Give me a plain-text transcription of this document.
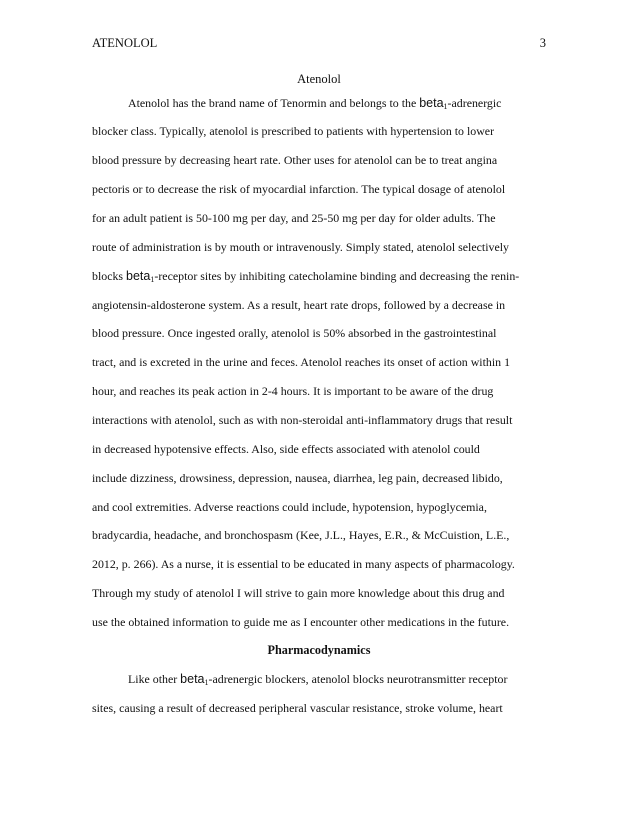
ATENOLOL	3
Atenolol
Atenolol has the brand name of Tenormin and belongs to the beta$_1$-adrenergic
blocker class. Typically, atenolol is prescribed to patients with hypertension to lower
blood pressure by decreasing heart rate. Other uses for atenolol can be to treat angina
pectoris or to decrease the risk of myocardial infarction. The typical dosage of atenolol
for an adult patient is 50-100 mg per day, and 25-50 mg per day for older adults. The
route of administration is by mouth or intravenously. Simply stated, atenolol selectively
blocks beta$_1$-receptor sites by inhibiting catecholamine binding and decreasing the renin-
angiotensin-aldosterone system. As a result, heart rate drops, followed by a decrease in
blood pressure. Once ingested orally, atenolol is 50% absorbed in the gastrointestinal
tract, and is excreted in the urine and feces. Atenolol reaches its onset of action within 1
hour, and reaches its peak action in 2-4 hours. It is important to be aware of the drug
interactions with atenolol, such as with non-steroidal anti-inflammatory drugs that result
in decreased hypotensive effects. Also, side effects associated with atenolol could
include dizziness, drowsiness, depression, nausea, diarrhea, leg pain, decreased libido,
and cool extremities. Adverse reactions could include, hypotension, hypoglycemia,
bradycardia, headache, and bronchospasm (Kee, J.L., Hayes, E.R., & McCuistion, L.E.,
2012, p. 266). As a nurse, it is essential to be educated in many aspects of pharmacology.
Through my study of atenolol I will strive to gain more knowledge about this drug and
use the obtained information to guide me as I encounter other medications in the future.
Pharmacodynamics
Like other beta$_1$-adrenergic blockers, atenolol blocks neurotransmitter receptor
sites, causing a result of decreased peripheral vascular resistance, stroke volume, heart
